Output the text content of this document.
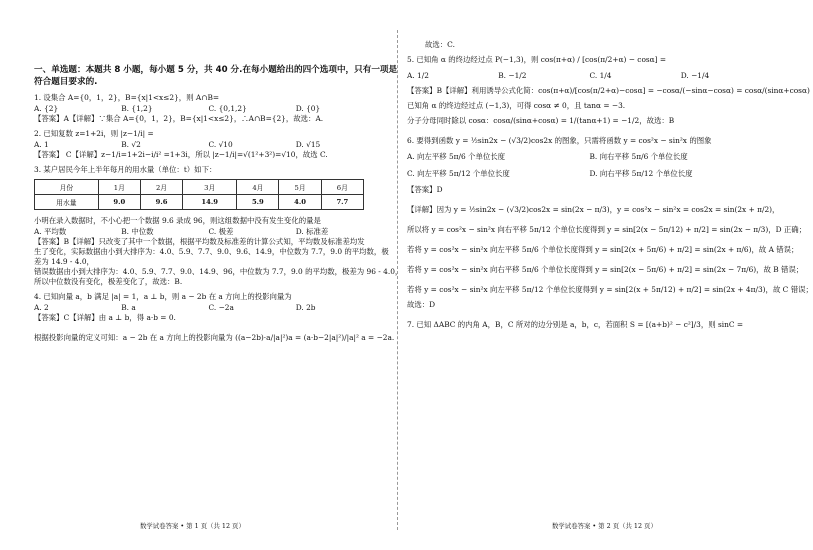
一、单选题：本题共 8 小题，每小题 5 分，共 40 分.在每小题给出的四个选项中，只有一项是
符合题目要求的.
1. 设集合 A={0，1，2}，B={x|1<x≤2}，则 A∩B=
A. {2}	B. {1,2}	C. {0,1,2}	D. {0}
【答案】A【详解】∵集合 A={0，1，2}，B={x|1<x≤2}，∴A∩B={2}，故选：A.
2. 已知复数 z=1+2i，则 |z−1/i| =
A. 1	B. √2	C. √10	D. √15
【答案】 C【详解】z−1/i=1+2i−i/i² =1+3i，所以 |z−1/i|=√(1²+3²)=√10，故选 C.
3. 某户居民今年上半年每月的用水量（单位：t）如下：
月份	1月	2月	3月	4月	5月	6月
用水量	9.0	9.6	14.9	5.9	4.0	7.7
小明在录入数据时，不小心把一个数据 9.6 录成 96，则这组数据中没有发生变化的量是
A. 平均数	B. 中位数	C. 极差	D. 标准差
【答案】B【详解】只改变了其中一个数据，根据平均数及标准差的计算公式知，平均数及标准差均发
生了变化，实际数据由小到大排序为：4.0、5.9、7.7、9.0、9.6、14.9，中位数为 7.7，9.0 的平均数，极
差为 14.9 - 4.0，
错误数据由小到大排序为：4.0、5.9、7.7、9.0、14.9、96，中位数为 7.7，9.0 的平均数，极差为 96 - 4.0，
所以中位数没有变化，极差变化了，故选：B.
4. 已知向量 a，b 满足 |a| = 1，a ⊥ b，则 a − 2b 在 a 方向上的投影向量为
A. 2	B. a	C. −2a	D. 2b
【答案】C【详解】由 a ⊥ b，得 a·b = 0.
根据投影向量的定义可知：a − 2b 在 a 方向上的投影向量为 ((a−2b)·a/|a|²)a = (a·b−2|a|²)/|a|² a = −2a.
数学试卷答案 • 第 1 页（共 12 页）
故选：C.
5. 已知角 α 的终边经过点 P(−1,3)，则 cos(π+α) / [cos(π/2+α) − cosα] =
A. 1/2	B. −1/2	C. 1/4	D. −1/4
【答案】B【详解】利用诱导公式化简：cos(π+α)/[cos(π/2+α)−cosα] = −cosα/(−sinα−cosα) = cosα/(sinα+cosα)
已知角 α 的终边经过点 (−1,3)，可得 cosα ≠ 0，且 tanα = −3.
分子分母同时除以 cosα：cosα/(sinα+cosα) = 1/(tanα+1) = −1/2，故选：B
6. 要得到函数 y = ½sin2x − (√3/2)cos2x 的图象，只需将函数 y = cos²x − sin²x 的图象
A. 向左平移 5π/6 个单位长度	B. 向右平移 5π/6 个单位长度
C. 向左平移 5π/12 个单位长度	D. 向右平移 5π/12 个单位长度
【答案】D
【详解】因为 y = ½sin2x − (√3/2)cos2x = sin(2x − π/3)，y = cos²x − sin²x = cos2x = sin(2x + π/2)，
所以将 y = cos²x − sin²x 向右平移 5π/12 个单位长度得到 y = sin[2(x − 5π/12) + π/2] = sin(2x − π/3)，D 正确；
若将 y = cos²x − sin²x 向左平移 5π/6 个单位长度得到 y = sin[2(x + 5π/6) + π/2] = sin(2x + π/6)，故 A 错误；
若将 y = cos²x − sin²x 向右平移 5π/6 个单位长度得到 y = sin[2(x − 5π/6) + π/2] = sin(2x − 7π/6)，故 B 错误；
若将 y = cos²x − sin²x 向左平移 5π/12 个单位长度得到 y = sin[2(x + 5π/12) + π/2] = sin(2x + 4π/3)，故 C 错误；
故选：D
7. 已知 ΔABC 的内角 A，B，C 所对的边分别是 a，b，c，若面积 S = [(a+b)² − c²]/3，则 sinC =
数学试卷答案 • 第 2 页（共 12 页）
